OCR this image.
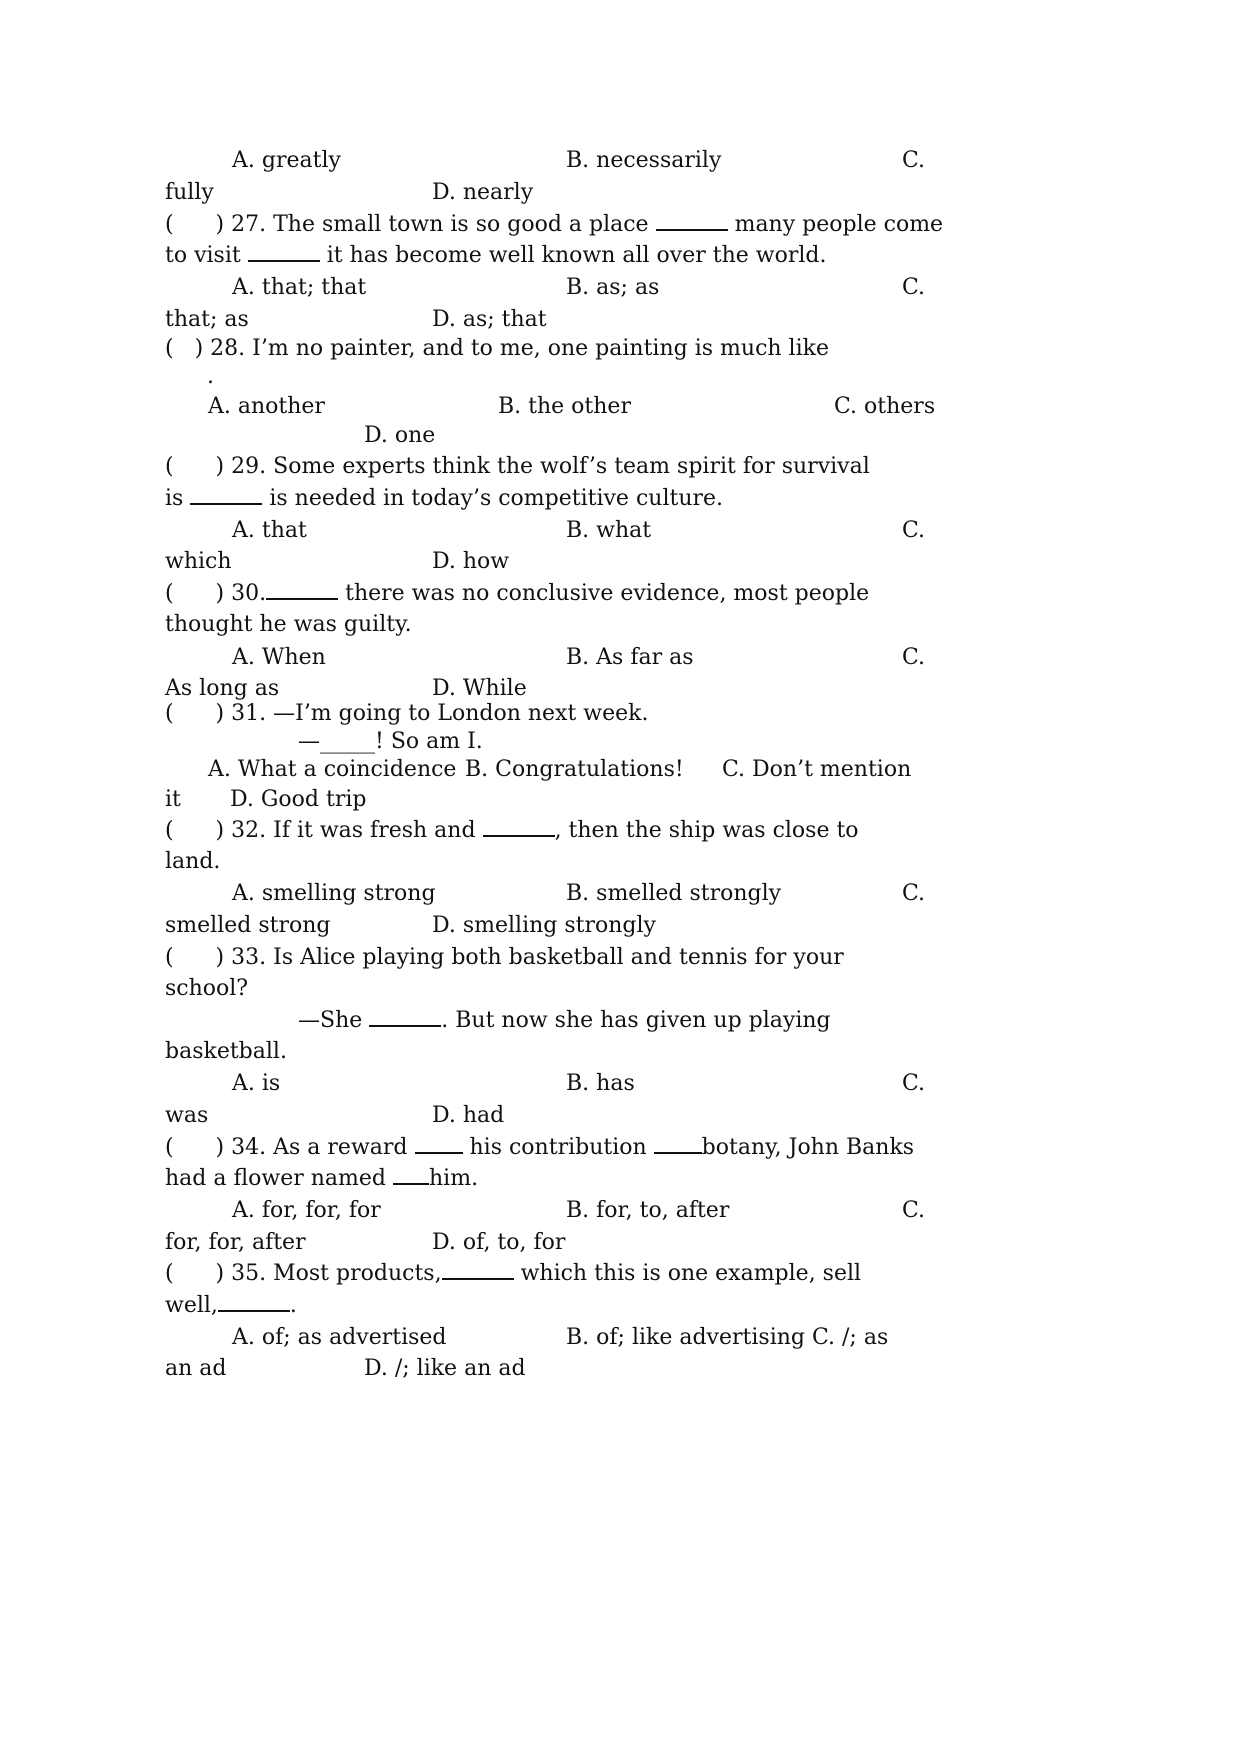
A. greatly	B. necessarily	C.
fully	D. nearly
(      ) 27. The small town is so good a place	many people come
to visit	it has become well known all over the world.
A. that; that	B. as; as	C.
that; as	D. as; that
(   ) 28. I’m no painter, and to me, one painting is much like
.
A. another	B. the other	C. others
D. one
(      ) 29. Some experts think the wolf’s team spirit for survival
is	is needed in today’s competitive culture.
A. that	B. what	C.
which	D. how
(      ) 30.	there was no conclusive evidence, most people
thought he was guilty.
A. When	B. As far as	C.
As long as	D. While
(      ) 31. —I’m going to London next week.
—_____! So am I.
A. What a coincidence B. Congratulations! C. Don’t mention
it D. Good trip
(      ) 32. If it was fresh and	, then the ship was close to
land.
A. smelling strong	B. smelled strongly	C.
smelled strong	D. smelling strongly
(      ) 33. Is Alice playing both basketball and tennis for your
school?
—She	. But now she has given up playing
basketball.
A. is	B. has	C.
was	D. had
(      ) 34. As a reward	his contribution	botany, John Banks
had a flower named him.
A. for, for, for	B. for, to, after	C.
for, for, after	D. of, to, for
(      ) 35. Most products,	which this is one example, sell
well,	.
A. of; as advertised	B. of; like advertising C. /; as
an ad	D. /; like an ad
